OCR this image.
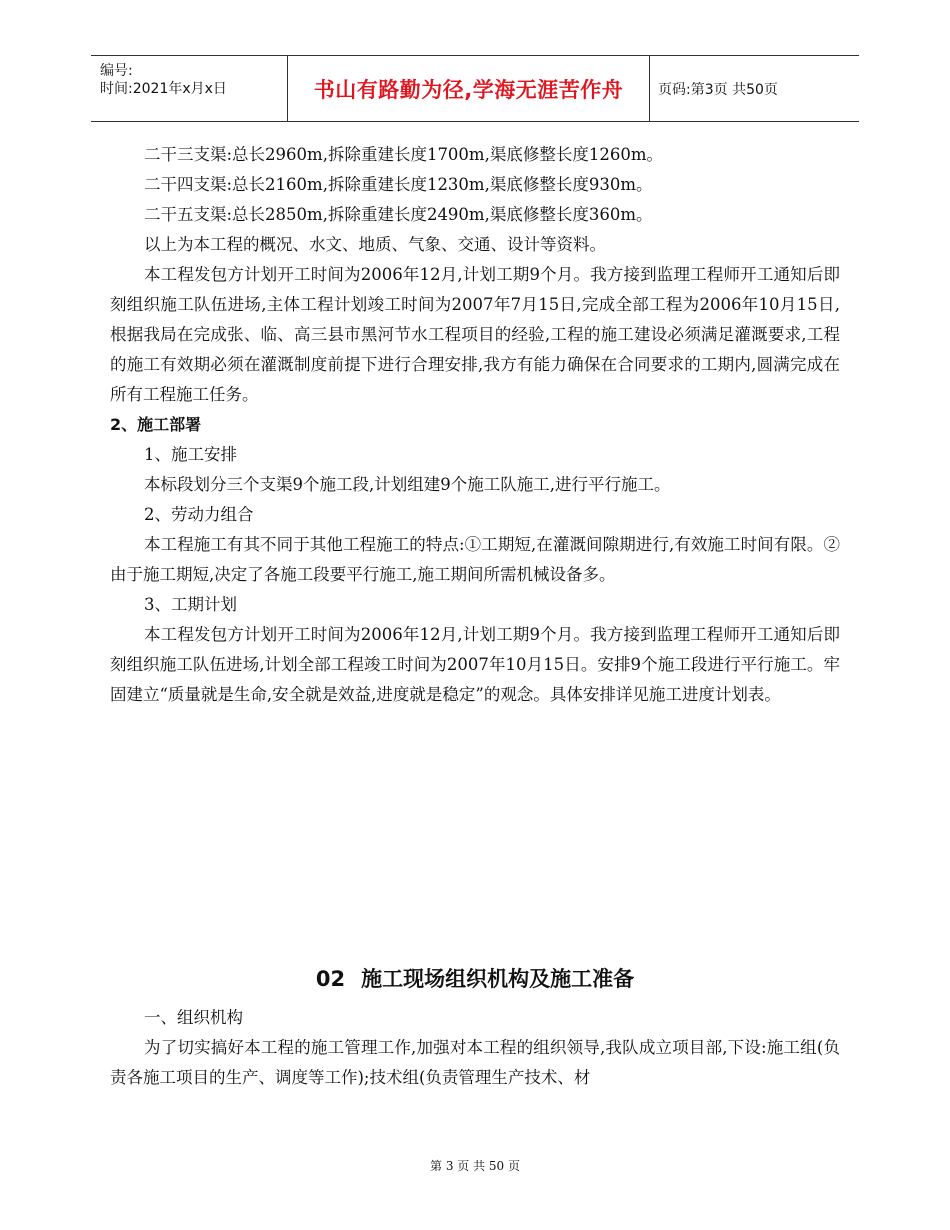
编号:
时间:2021年x月x日	书山有路勤为径,学海无涯苦作舟 页码:第3页 共50页

二干三支渠:总长2960m,拆除重建长度1700m,渠底修整长度1260m。

二干四支渠:总长2160m,拆除重建长度1230m,渠底修整长度930m。

二干五支渠:总长2850m,拆除重建长度2490m,渠底修整长度360m。

以上为本工程的概况、水文、地质、气象、交通、设计等资料。

本工程发包方计划开工时间为2006年12月,计划工期9个月。我方接到监理工程师开工通知后即刻组织施工队伍进场,主体工程计划竣工时间为2007年7月15日,完成全部工程为2006年10月15日,根据我局在完成张、临、高三县市黑河节水工程项目的经验,工程的施工建设必须满足灌溉要求,工程的施工有效期必须在灌溉制度前提下进行合理安排,我方有能力确保在合同要求的工期内,圆满完成在所有工程施工任务。

2、施工部署

1、施工安排

本标段划分三个支渠9个施工段,计划组建9个施工队施工,进行平行施工。

2、劳动力组合

本工程施工有其不同于其他工程施工的特点:①工期短,在灌溉间隙期进行,有效施工时间有限。②由于施工期短,决定了各施工段要平行施工,施工期间所需机械设备多。

3、工期计划

本工程发包方计划开工时间为2006年12月,计划工期9个月。我方接到监理工程师开工通知后即刻组织施工队伍进场,计划全部工程竣工时间为2007年10月15日。安排9个施工段进行平行施工。牢固建立“质量就是生命,安全就是效益,进度就是稳定”的观念。具体安排详见施工进度计划表。

02 施工现场组织机构及施工准备

一、组织机构

为了切实搞好本工程的施工管理工作,加强对本工程的组织领导,我队成立项目部,下设:施工组(负责各施工项目的生产、调度等工作);技术组(负责管理生产技术、材

第 3 页 共 50 页
